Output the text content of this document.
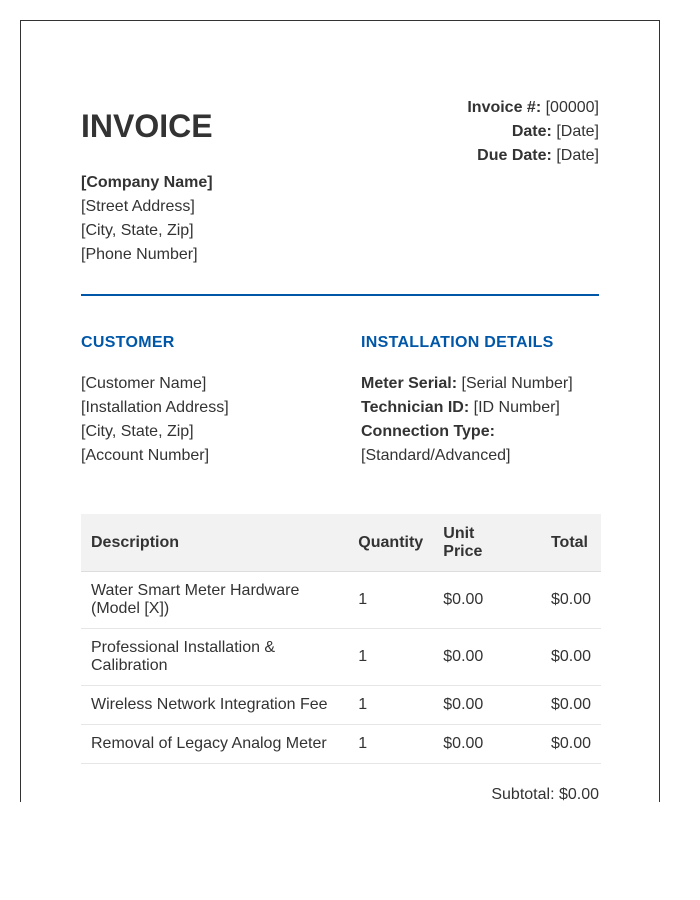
INVOICE
Invoice #: [00000]
Date: [Date]
Due Date: [Date]
[Company Name]
[Street Address]
[City, State, Zip]
[Phone Number]
CUSTOMER	INSTALLATION DETAILS
[Customer Name]
[Installation Address]
[City, State, Zip]
[Account Number]
Meter Serial: [Serial Number]
Technician ID: [ID Number]
Connection Type:
[Standard/Advanced]
Description	Quantity	Unit Price	Total
Water Smart Meter Hardware (Model [X])	1	$0.00	$0.00
Professional Installation & Calibration	1	$0.00	$0.00
Wireless Network Integration Fee	1	$0.00	$0.00
Removal of Legacy Analog Meter	1	$0.00	$0.00
Subtotal: $0.00
